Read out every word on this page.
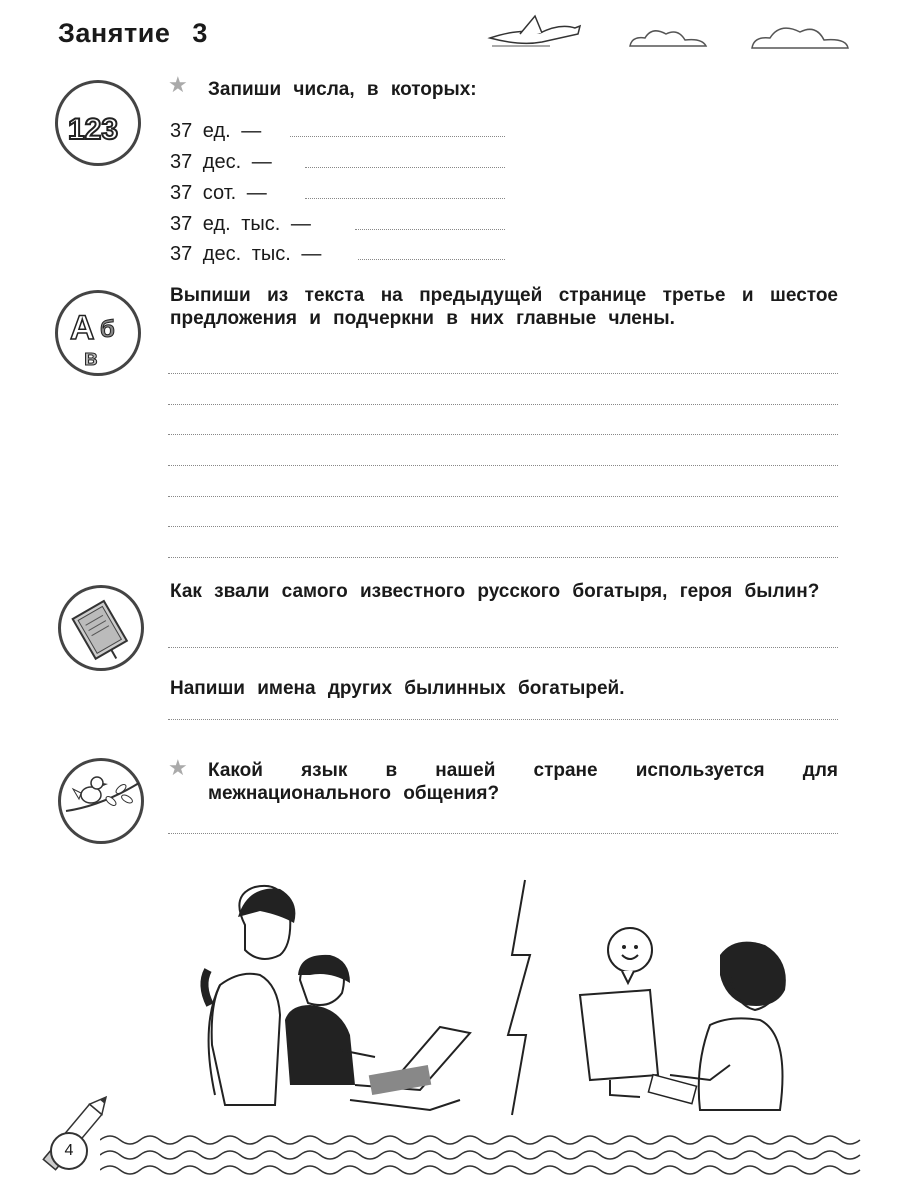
Занятие 3
123
★ Запиши числа, в которых:
37 ед. —
37 дес. —
37 сот. —
37 ед. тыс. —
37 дес. тыс. —
А б
в
Выпиши из текста на предыдущей странице третье и шестое предложения и подчеркни в них главные члены.
Как звали самого известного русского богатыря, героя былин?
Напиши имена других былинных богатырей.
★ Какой язык в нашей стране используется для межнационального общения?
4
